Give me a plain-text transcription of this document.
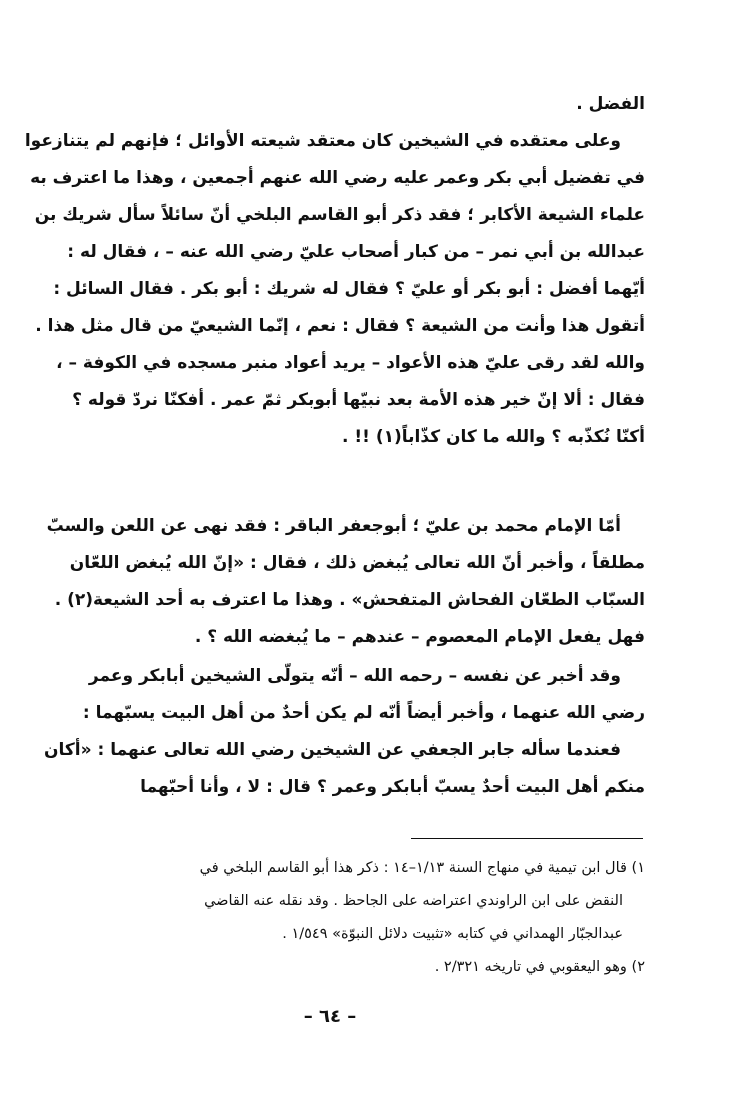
الفضل .
وعلى معتقده في الشيخين كان معتقد شيعته الأوائل ؛ فإنهم لم يتنازعوا
في تفضيل أبي بكر وعمر عليه رضي الله عنهم أجمعين ، وهذا ما اعترف به
علماء الشيعة الأكابر ؛ فقد ذكر أبو القاسم البلخي أنّ سائلاً سأل شريك بن
عبدالله بن أبي نمر – من كبار أصحاب عليّ رضي الله عنه – ، فقال له :
أيّهما أفضل : أبو بكر أو عليّ ؟ فقال له شريك : أبو بكر . فقال السائل :
أتقول هذا وأنت من الشيعة ؟ فقال : نعم ، إنّما الشيعيّ من قال مثل هذا .
والله لقد رقى عليّ هذه الأعواد – يريد أعواد منبر مسجده في الكوفة – ،
فقال : ألا إنّ خير هذه الأمة بعد نبيّها أبوبكر ثمّ عمر . أفكنّا نردّ قوله ؟
أكنّا نُكذّبه ؟ والله ما كان كذّاباً(١) !! .
أمّا الإمام محمد بن عليّ ؛ أبوجعفر الباقر : فقد نهى عن اللعن والسبّ
مطلقاً ، وأخبر أنّ الله تعالى يُبغض ذلك ، فقال : «إنّ الله يُبغض اللعّان
السبّاب الطعّان الفحاش المتفحش» . وهذا ما اعترف به أحد الشيعة(٢) .
فهل يفعل الإمام المعصوم – عندهم – ما يُبغضه الله ؟ .
وقد أخبر عن نفسه – رحمه الله – أنّه يتولّى الشيخين أبابكر وعمر
رضي الله عنهما ، وأخبر أيضاً أنّه لم يكن أحدٌ من أهل البيت يسبّهما :
فعندما سأله جابر الجعفي عن الشيخين رضي الله تعالى عنهما : «أكان
منكم أهل البيت أحدٌ يسبّ أبابكر وعمر ؟ قال : لا ، وأنا أحبّهما
١) قال ابن تيمية في منهاج السنة ١/١٣–١٤ : ذكر هذا أبو القاسم البلخي في
النقض على ابن الراوندي اعتراضه على الجاحظ . وقد نقله عنه القاضي
عبدالجبّار الهمداني في كتابه «تثبيت دلائل النبوّة» ١/٥٤٩ .
٢) وهو اليعقوبي في تاريخه ٢/٣٢١ .
– ٦٤ –
